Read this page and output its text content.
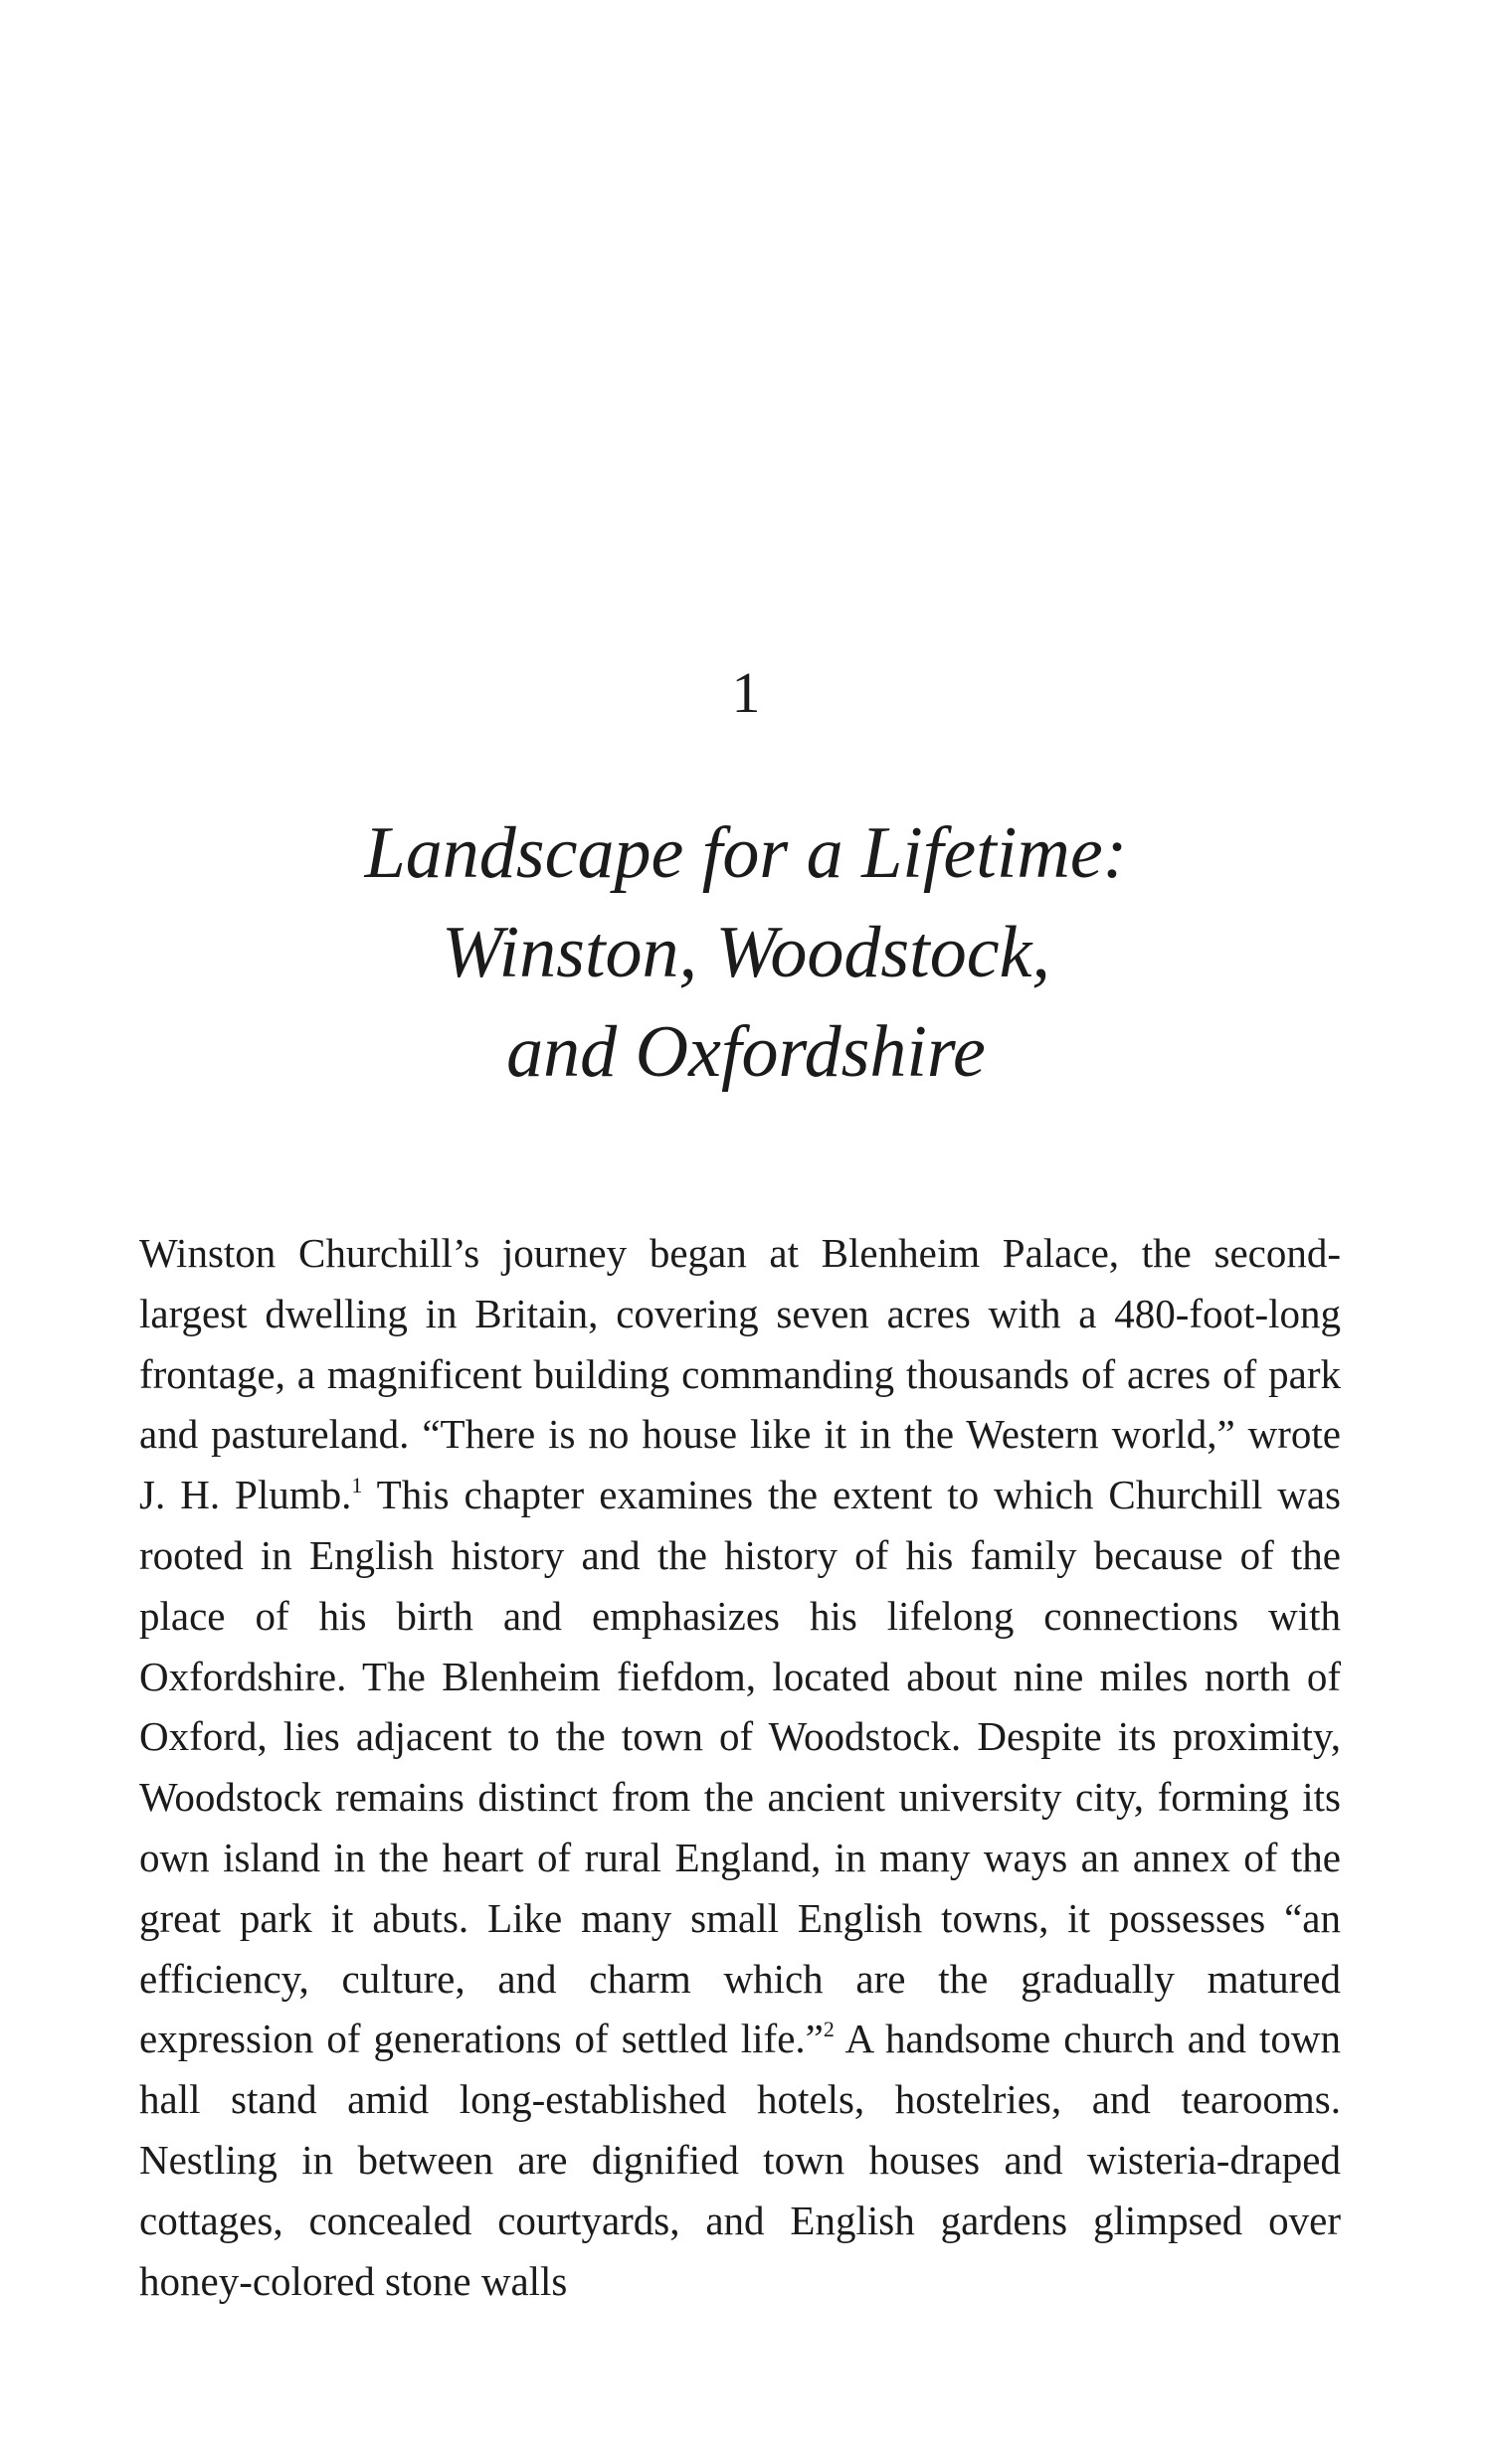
1
Landscape for a Lifetime:
Winston, Woodstock,
and Oxfordshire

Winston Churchill’s journey began at Blenheim Palace, the second-largest dwelling in Britain, covering seven acres with a 480-foot-long frontage, a magnificent building commanding thousands of acres of park and pastureland. “There is no house like it in the Western world,” wrote J. H. Plumb.$^1$ This chapter examines the extent to which Churchill was rooted in English history and the history of his family because of the place of his birth and emphasizes his lifelong connections with Oxfordshire. The Blenheim fiefdom, located about nine miles north of Oxford, lies adjacent to the town of Woodstock. Despite its proximity, Woodstock remains distinct from the ancient university city, forming its own island in the heart of rural England, in many ways an annex of the great park it abuts. Like many small English towns, it possesses “an efficiency, culture, and charm which are the gradually matured expression of generations of settled life.”$^2$ A handsome church and town hall stand amid long-established hotels, hostelries, and tearooms. Nestling in between are dignified town houses and wisteria-draped cottages, concealed courtyards, and English gardens glimpsed over honey-colored stone walls
